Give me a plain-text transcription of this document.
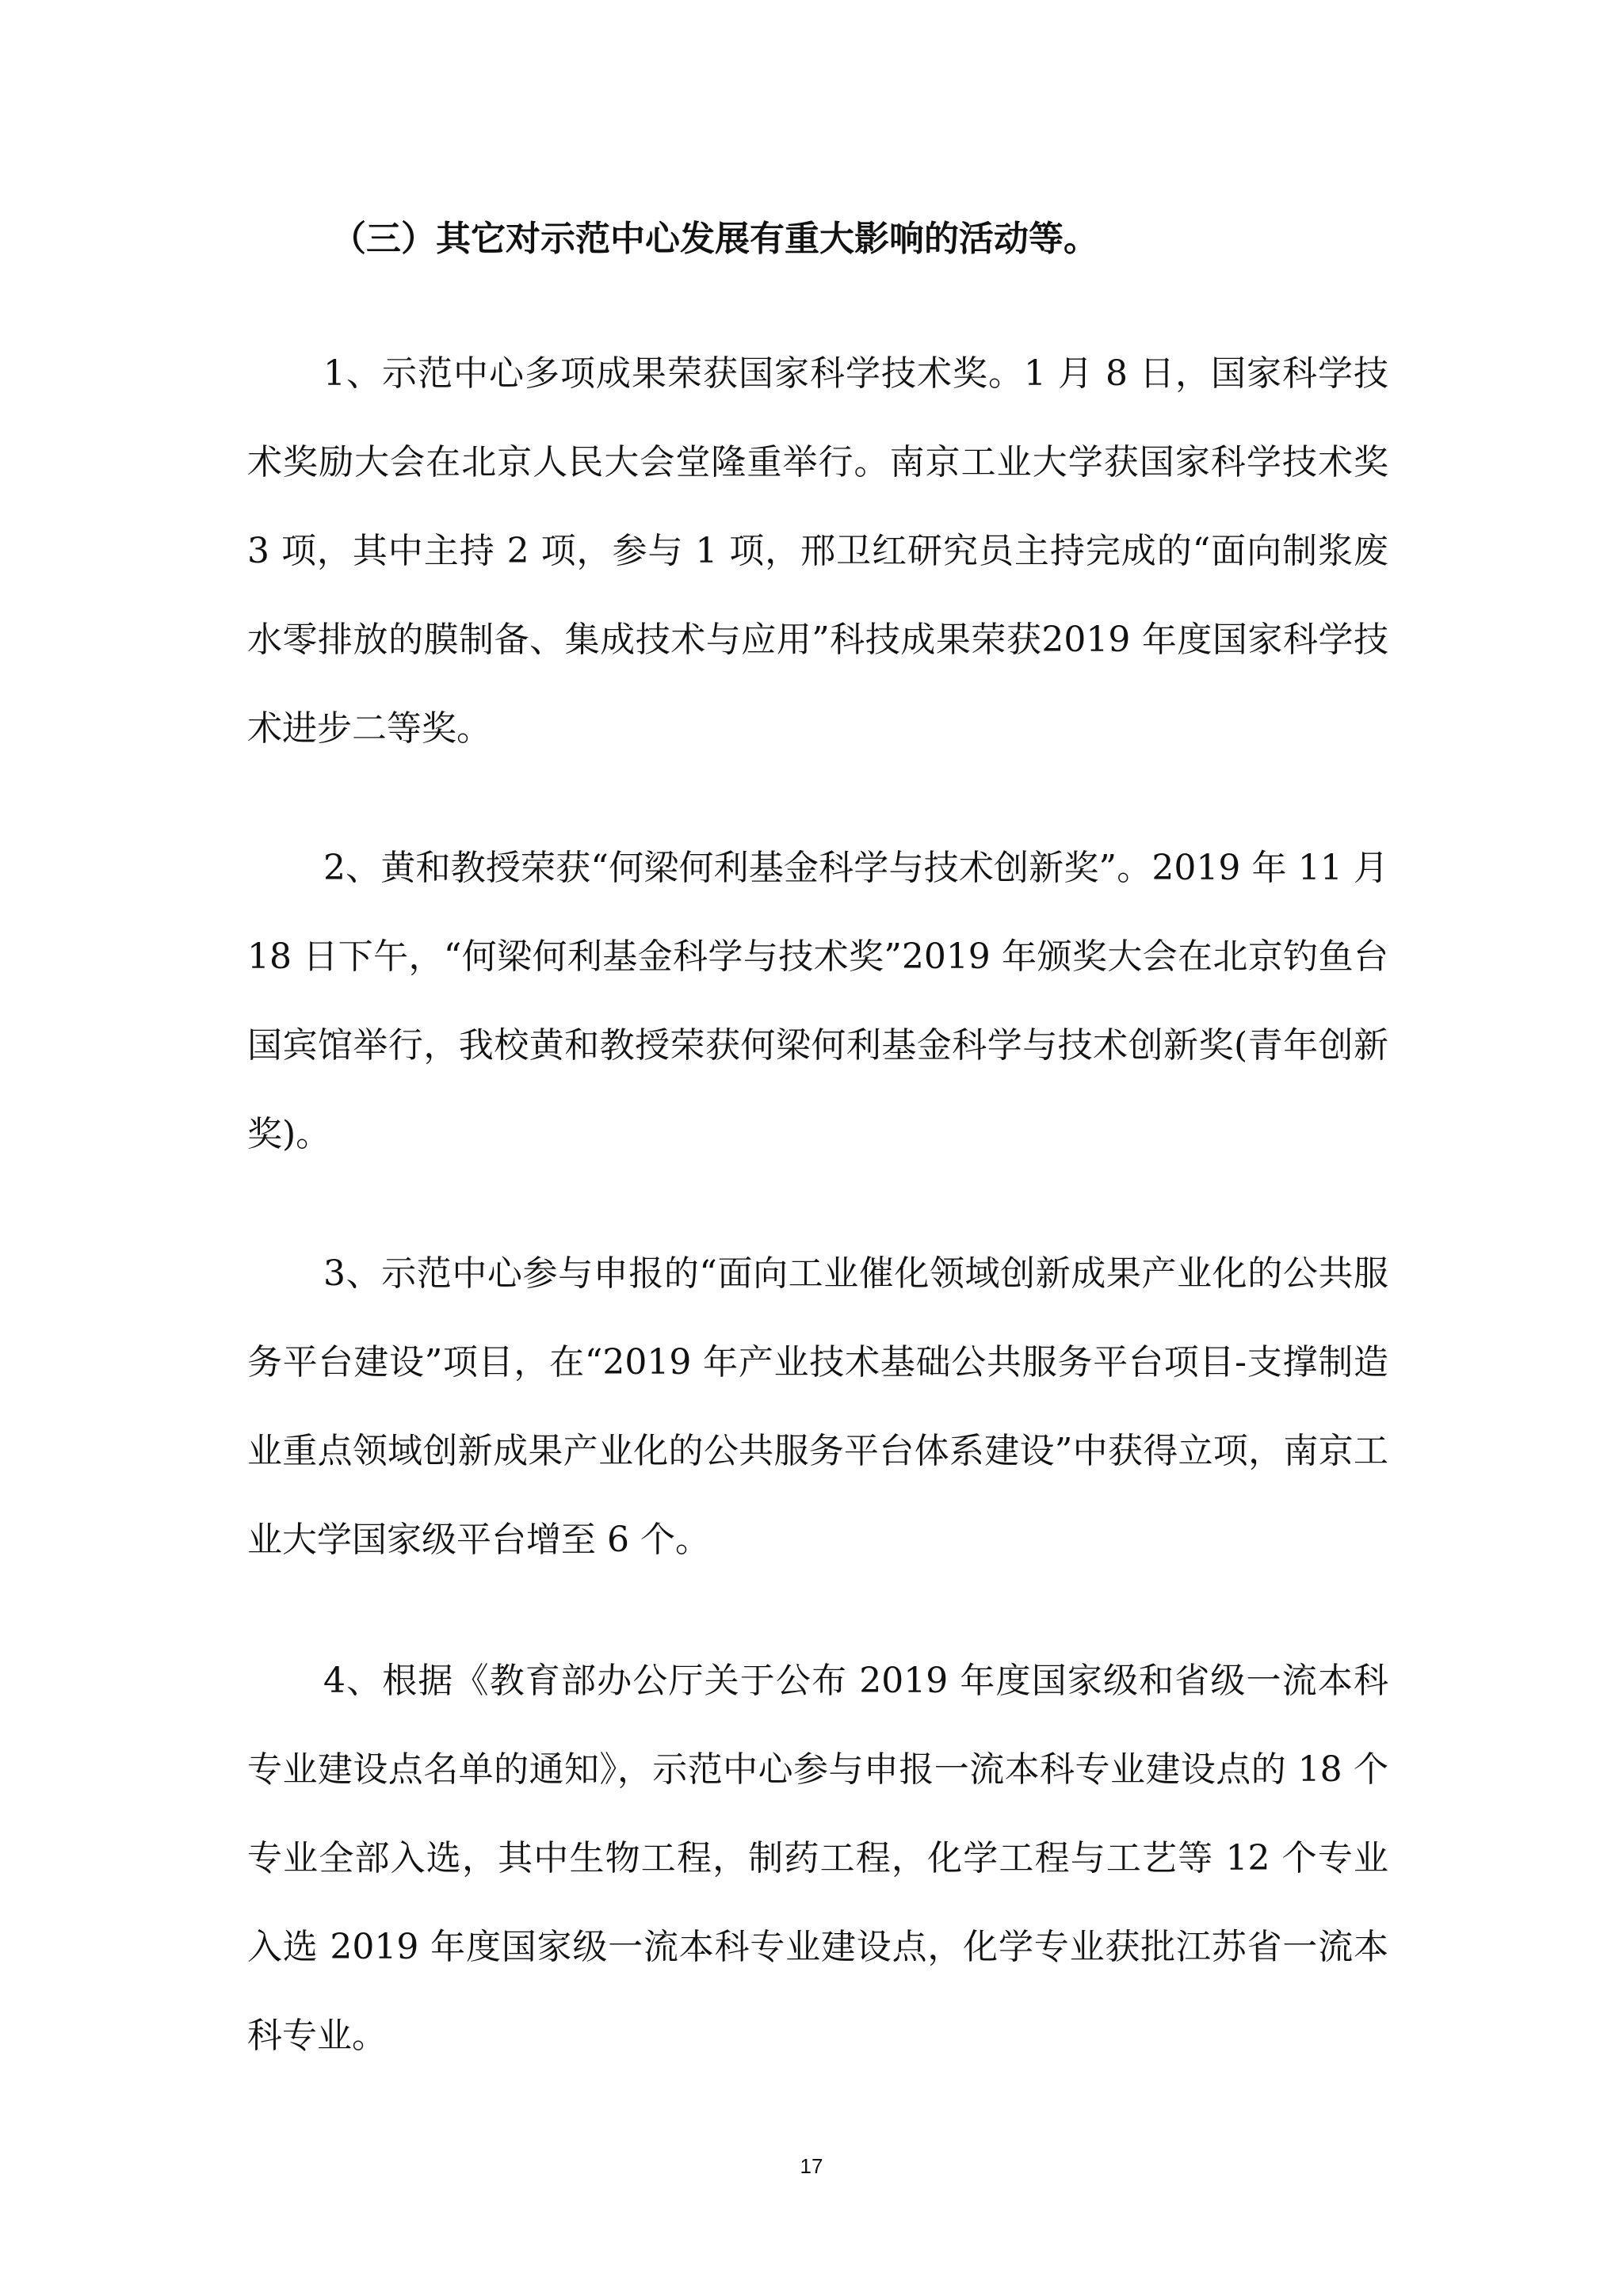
（三）其它对示范中心发展有重大影响的活动等。

1、示范中心多项成果荣获国家科学技术奖。1 月 8 日，国家科学技术奖励大会在北京人民大会堂隆重举行。南京工业大学获国家科学技术奖 3 项，其中主持 2 项，参与 1 项，邢卫红研究员主持完成的“面向制浆废水零排放的膜制备、集成技术与应用”科技成果荣获2019 年度国家科学技术进步二等奖。

2、黄和教授荣获“何梁何利基金科学与技术创新奖”。2019 年 11 月 18 日下午，“何梁何利基金科学与技术奖”2019 年颁奖大会在北京钓鱼台国宾馆举行，我校黄和教授荣获何梁何利基金科学与技术创新奖(青年创新奖)。

3、示范中心参与申报的“面向工业催化领域创新成果产业化的公共服务平台建设”项目，在“2019 年产业技术基础公共服务平台项目-支撑制造业重点领域创新成果产业化的公共服务平台体系建设”中获得立项，南京工业大学国家级平台增至 6 个。

4、根据《教育部办公厅关于公布 2019 年度国家级和省级一流本科专业建设点名单的通知》，示范中心参与申报一流本科专业建设点的 18 个专业全部入选，其中生物工程，制药工程，化学工程与工艺等 12 个专业入选 2019 年度国家级一流本科专业建设点，化学专业获批江苏省一流本科专业。

17
